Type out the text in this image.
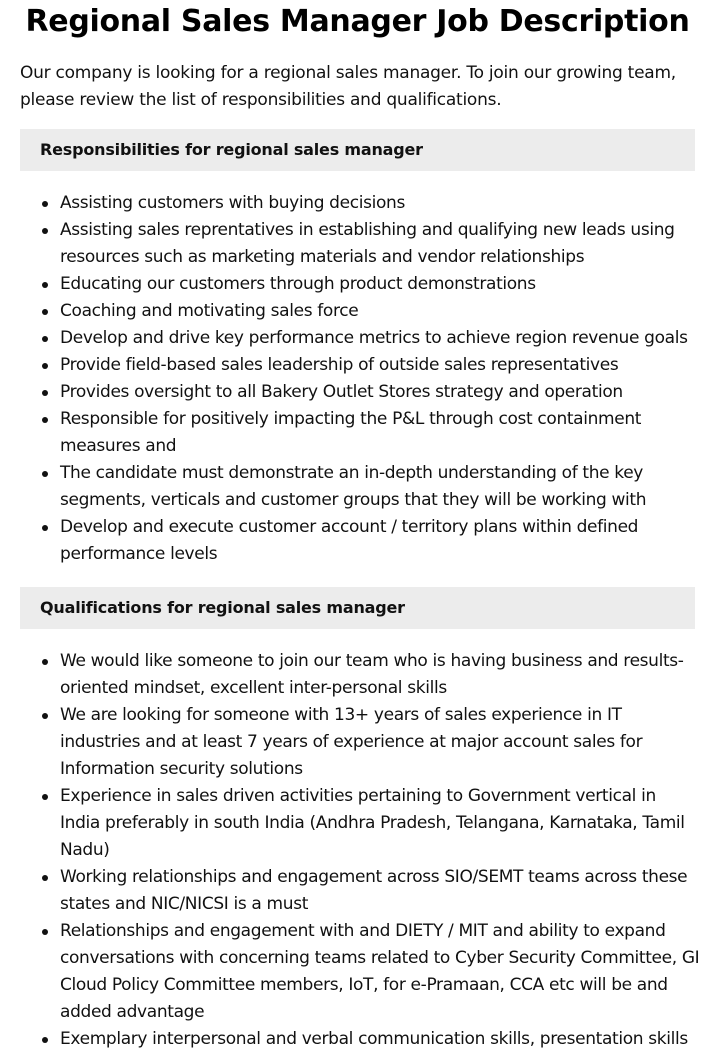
Regional Sales Manager Job Description

Our company is looking for a regional sales manager. To join our growing team, please review the list of responsibilities and qualifications.

Responsibilities for regional sales manager
Assisting customers with buying decisions
Assisting sales reprentatives in establishing and qualifying new leads using resources such as marketing materials and vendor relationships
Educating our customers through product demonstrations
Coaching and motivating sales force
Develop and drive key performance metrics to achieve region revenue goals
Provide field-based sales leadership of outside sales representatives
Provides oversight to all Bakery Outlet Stores strategy and operation
Responsible for positively impacting the P&L through cost containment measures and
The candidate must demonstrate an in-depth understanding of the key segments, verticals and customer groups that they will be working with
Develop and execute customer account / territory plans within defined performance levels
Qualifications for regional sales manager
We would like someone to join our team who is having business and results-oriented mindset, excellent inter-personal skills
We are looking for someone with 13+ years of sales experience in IT industries and at least 7 years of experience at major account sales for Information security solutions
Experience in sales driven activities pertaining to Government vertical in India preferably in south India (Andhra Pradesh, Telangana, Karnataka, Tamil Nadu)
Working relationships and engagement across SIO/SEMT teams across these states and NIC/NICSI is a must
Relationships and engagement with and DIETY / MIT and ability to expand conversations with concerning teams related to Cyber Security Committee, GI Cloud Policy Committee members, IoT, for e-Pramaan, CCA etc will be and added advantage
Exemplary interpersonal and verbal communication skills, presentation skills
